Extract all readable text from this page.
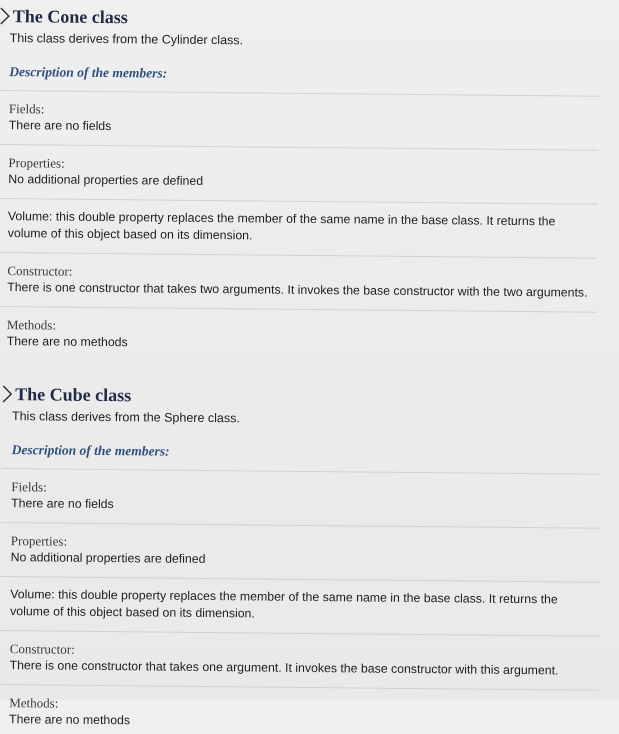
The Cone class
This class derives from the Cylinder class.
Description of the members:
Fields:
There are no fields
Properties:
No additional properties are defined
Volume: this double property replaces the member of the same name in the base class. It returns the volume of this object based on its dimension.
Constructor:
There is one constructor that takes two arguments. It invokes the base constructor with the two arguments.
Methods:
There are no methods
The Cube class
This class derives from the Sphere class.
Description of the members:
Fields:
There are no fields
Properties:
No additional properties are defined
Volume: this double property replaces the member of the same name in the base class. It returns the volume of this object based on its dimension.
Constructor:
There is one constructor that takes one argument. It invokes the base constructor with this argument.
Methods:
There are no methods
